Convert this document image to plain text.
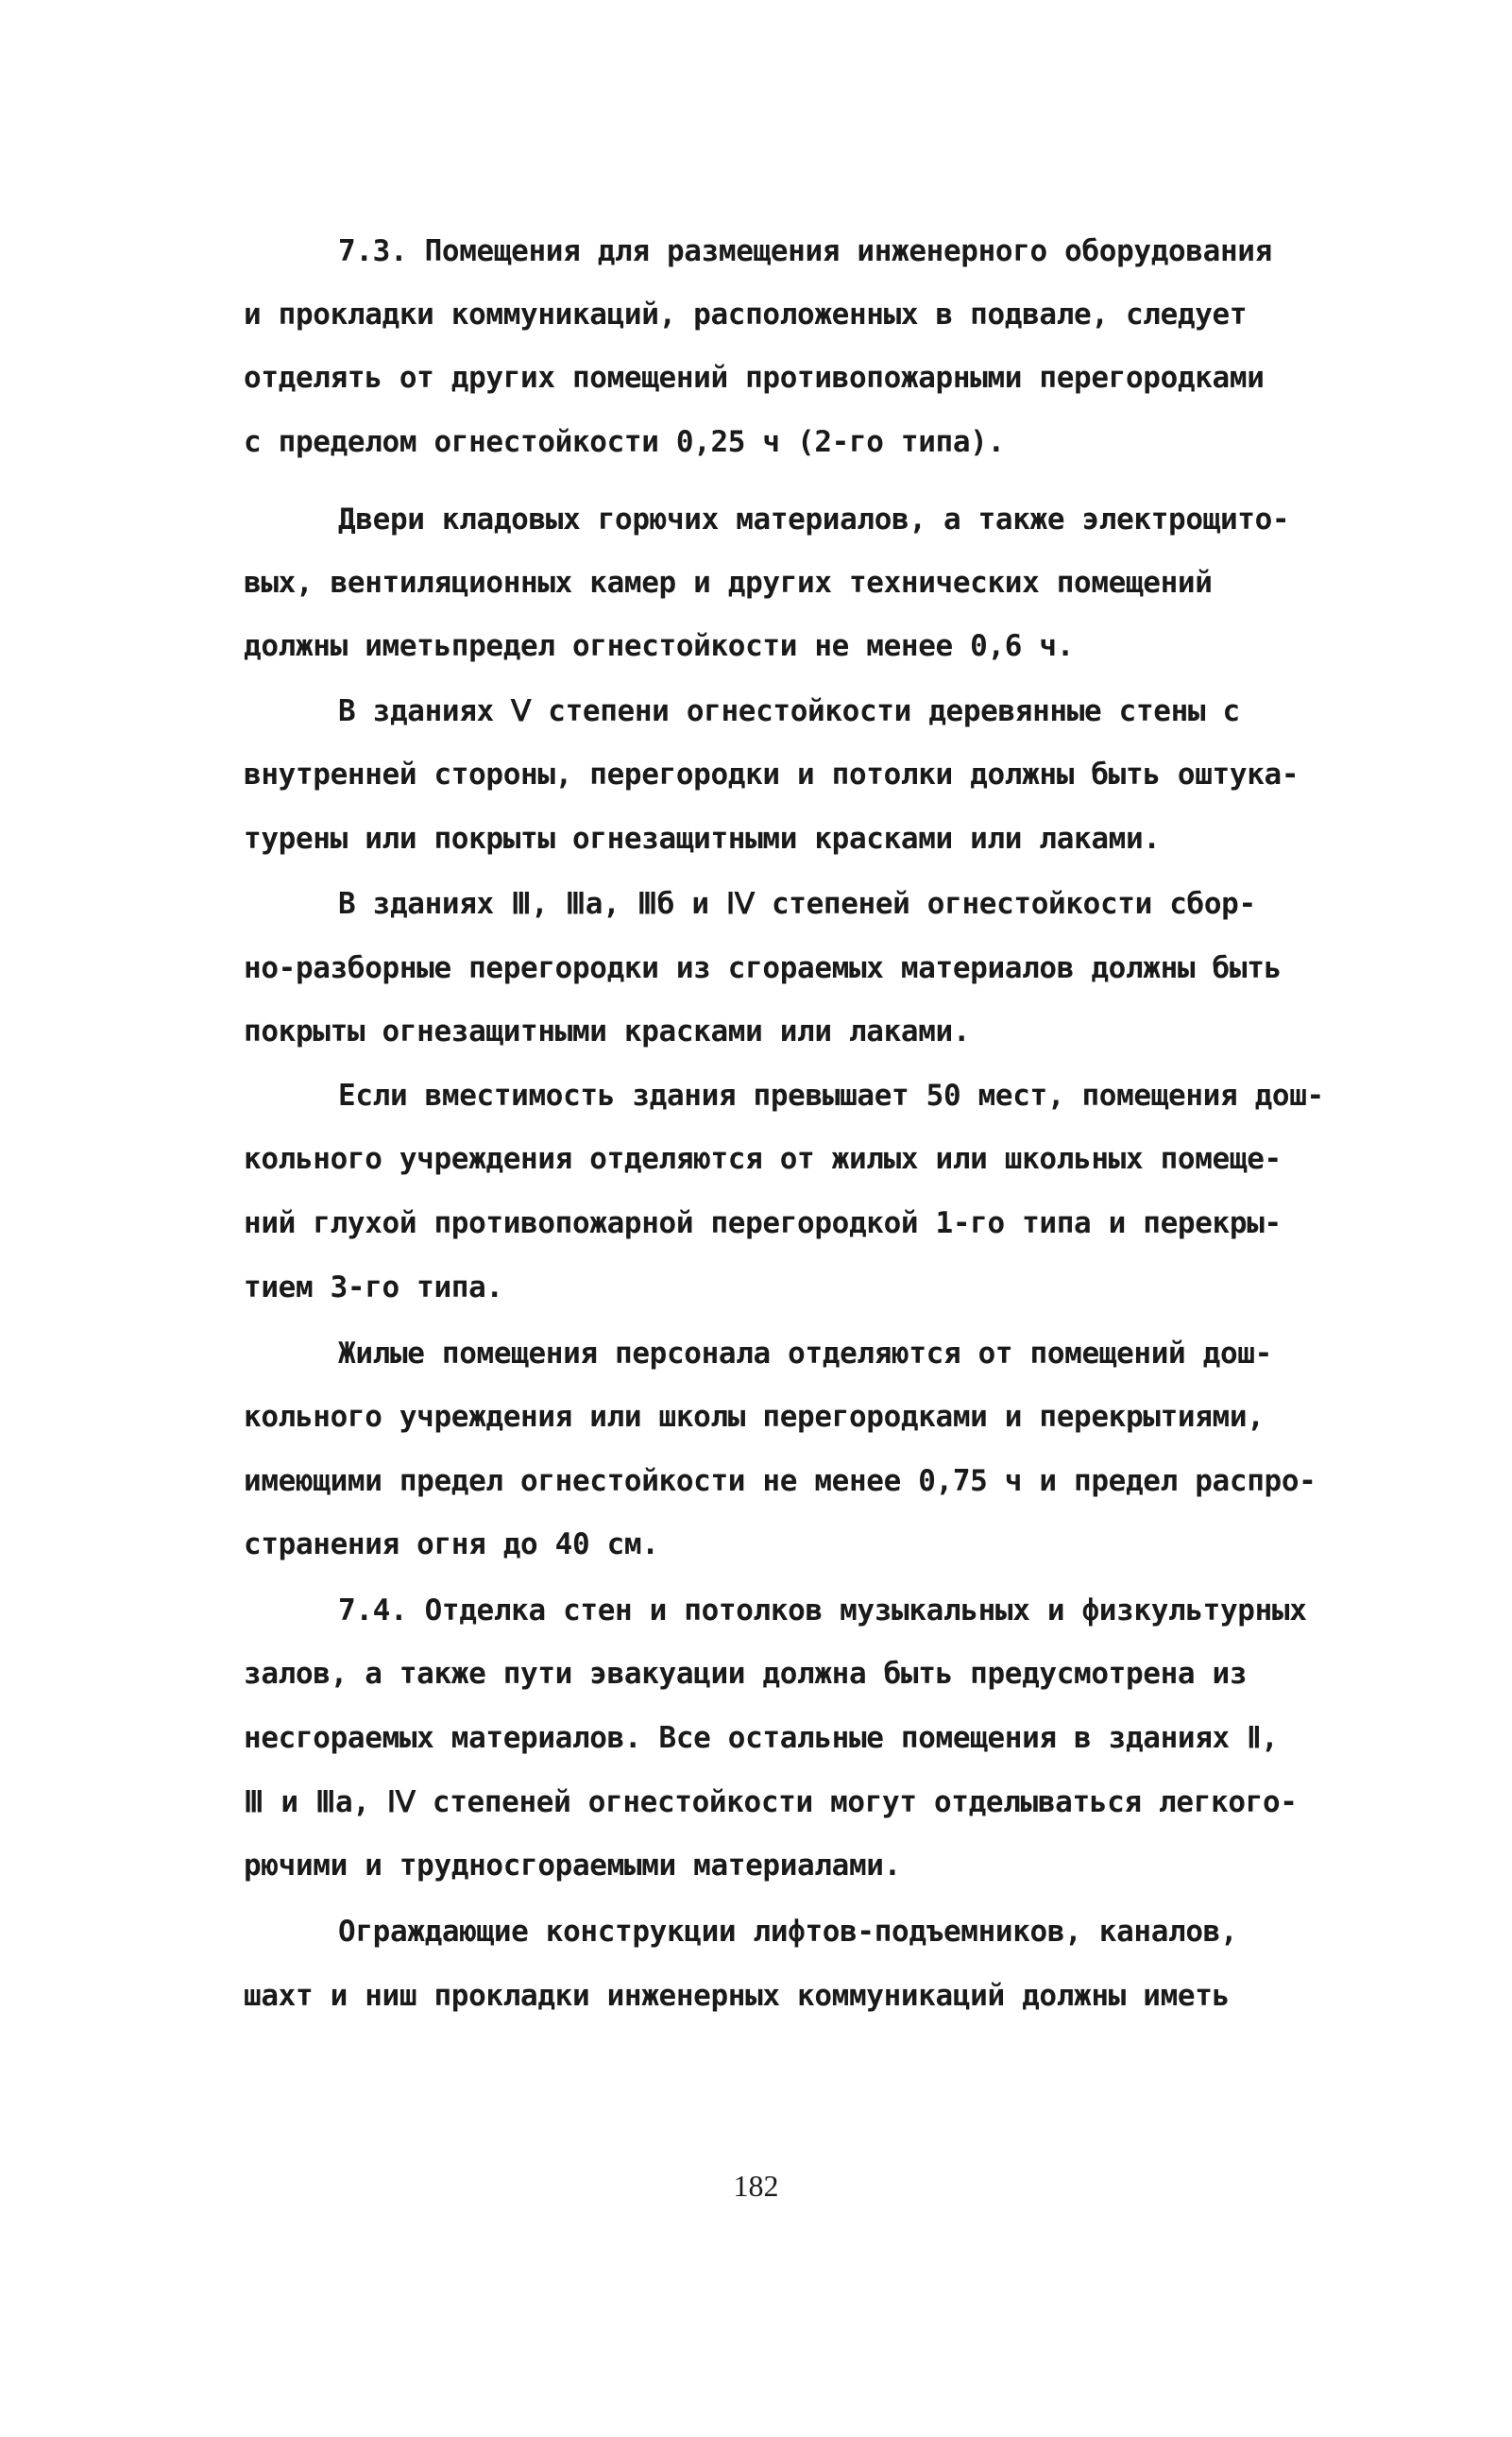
7.3. Помещения для размещения инженерного оборудования
и прокладки коммуникаций, расположенных в подвале, следует
отделять от других помещений противопожарными перегородками
с пределом огнестойкости 0,25 ч (2-го типа).
Двери кладовых горючих материалов, а также электрощито-
вых, вентиляционных камер и других технических помещений
должны иметьпредел огнестойкости не менее 0,6 ч.
В зданиях Ⅴ степени огнестойкости деревянные стены с
внутренней стороны, перегородки и потолки должны быть оштука-
турены или покрыты огнезащитными красками или лаками.
В зданиях Ⅲ, Ⅲа, Ⅲб и ⅠⅤ степеней огнестойкости сбор-
но-разборные перегородки из сгораемых материалов должны быть
покрыты огнезащитными красками или лаками.
Если вместимость здания превышает 50 мест, помещения дош-
кольного учреждения отделяются от жилых или школьных помеще-
ний глухой противопожарной перегородкой 1-го типа и перекры-
тием 3-го типа.
Жилые помещения персонала отделяются от помещений дош-
кольного учреждения или школы перегородками и перекрытиями,
имеющими предел огнестойкости не менее 0,75 ч и предел распро-
странения огня до 40 см.
7.4. Отделка стен и потолков музыкальных и физкультурных
залов, а также пути эвакуации должна быть предусмотрена из
несгораемых материалов. Все остальные помещения в зданиях Ⅱ,
Ⅲ и Ⅲа, ⅠⅤ степеней огнестойкости могут отделываться легкого-
рючими и трудносгораемыми материалами.
Ограждающие конструкции лифтов-подъемников, каналов,
шахт и ниш прокладки инженерных коммуникаций должны иметь
182
